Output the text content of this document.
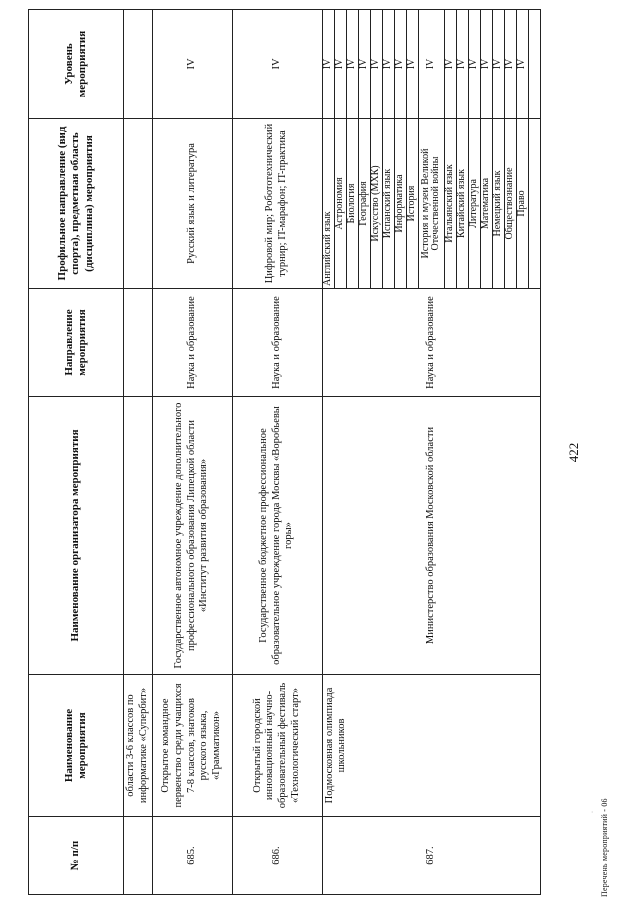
№ п/п	Наименование мероприятия	Наименование организатора мероприятия	Направление мероприятия	Профильное направление (вид спорта), предметная область (дисциплина) мероприятия	Уровень мероприятия
	области 3-6 классов по информатике «Супербит»				
685.	Открытое командное первенство среди учащихся 7-8 классов, знатоков русского языка, «Грамматикон»	Государственное автономное учреждение дополнительного профессионального образования Липецкой области «Институт развития образования»	Наука и образование	Русский язык и литература	IV
686.	Открытый городской инновационный научно-образовательный фестиваль «Технологический старт»	Государственное бюджетное профессиональное образовательное учреждение города Москвы «Воробьевы горы»	Наука и образование	Цифровой мир; Робототехнический турнир; IT-марафон; IT-практика	IV
687.	Подмосковная олимпиада школьников	Министерство образования Московской области	Наука и образование	Английский язык	IV
				Астрономия	IV
				Биология	IV
				География	IV
				Искусство (МХК)	IV
				Испанский язык	IV
				Информатика	IV
				История	IV
				История и музеи Великой Отечественной войны	IV
				Итальянский язык	IV
				Китайский язык	IV
				Литература	IV
				Математика	IV
				Немецкий язык	IV
				Обществознание	IV
				Право	IV

422
Перечень мероприятий - 06
·
